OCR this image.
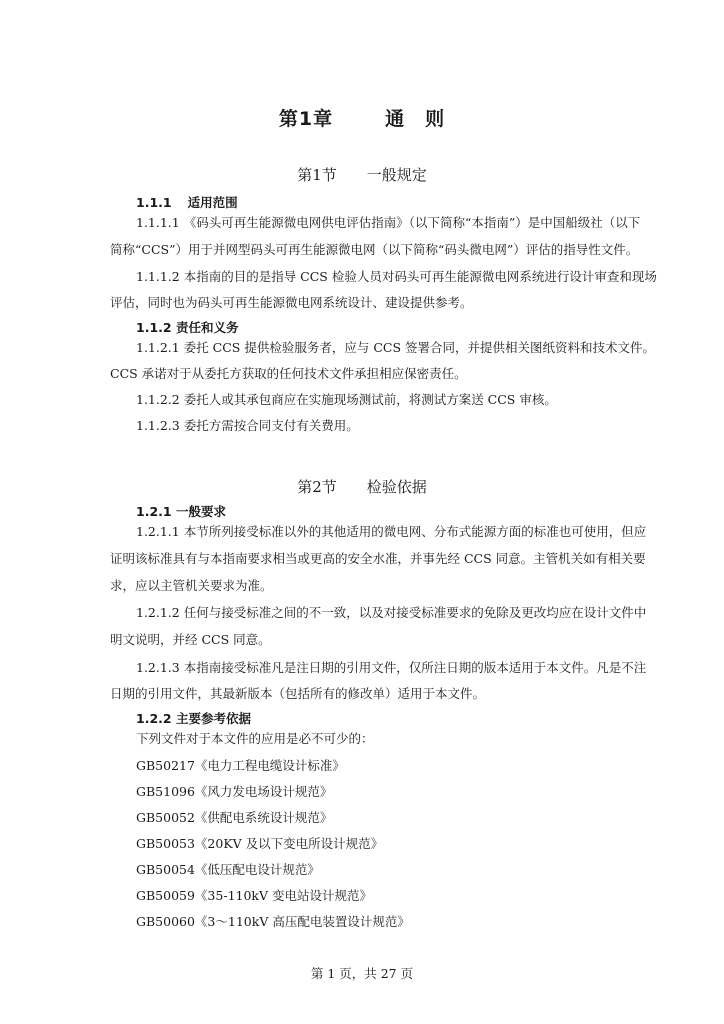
第1章	通　则
第1节 一般规定
1.1.1 适用范围
1.1.1.1 《码头可再生能源微电网供电评估指南》（以下简称“本指南”）是中国船级社（以下
简称“CCS”）用于并网型码头可再生能源微电网（以下简称“码头微电网”）评估的指导性文件。
1.1.1.2 本指南的目的是指导 CCS 检验人员对码头可再生能源微电网系统进行设计审查和现场
评估，同时也为码头可再生能源微电网系统设计、建设提供参考。
1.1.2 责任和义务
1.1.2.1 委托 CCS 提供检验服务者，应与 CCS 签署合同，并提供相关图纸资料和技术文件。
CCS 承诺对于从委托方获取的任何技术文件承担相应保密责任。
1.1.2.2 委托人或其承包商应在实施现场测试前，将测试方案送 CCS 审核。
1.1.2.3 委托方需按合同支付有关费用。
第2节 检验依据
1.2.1 一般要求
1.2.1.1 本节所列接受标准以外的其他适用的微电网、分布式能源方面的标准也可使用，但应
证明该标准具有与本指南要求相当或更高的安全水准，并事先经 CCS 同意。主管机关如有相关要
求，应以主管机关要求为准。
1.2.1.2 任何与接受标准之间的不一致，以及对接受标准要求的免除及更改均应在设计文件中
明文说明，并经 CCS 同意。
1.2.1.3 本指南接受标准凡是注日期的引用文件，仅所注日期的版本适用于本文件。凡是不注
日期的引用文件，其最新版本（包括所有的修改单）适用于本文件。
1.2.2 主要参考依据
下列文件对于本文件的应用是必不可少的：
GB50217《电力工程电缆设计标准》
GB51096《风力发电场设计规范》
GB50052《供配电系统设计规范》
GB50053《20KV 及以下变电所设计规范》
GB50054《低压配电设计规范》
GB50059《35-110kV 变电站设计规范》
GB50060《3～110kV 高压配电装置设计规范》
第 1 页，共 27 页
